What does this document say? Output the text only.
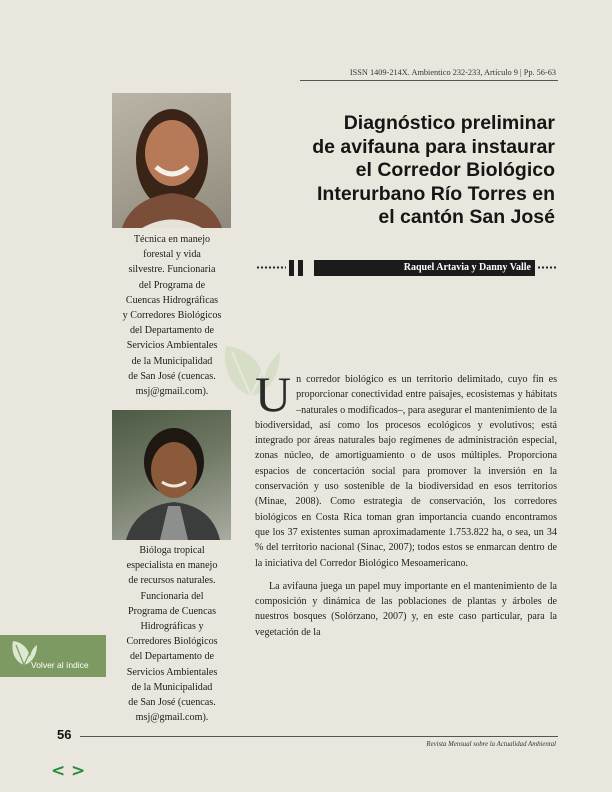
ISSN 1409-214X. Ambientico 232-233, Artículo 9 | Pp. 56-63
Técnica en manejo
forestal y vida
silvestre. Funcionaria
del Programa de
Cuencas Hidrográficas
y Corredores Biológicos
del Departamento de
Servicios Ambientales
de la Municipalidad
de San José (cuencas.
msj@gmail.com).
Bióloga tropical
especialista en manejo
de recursos naturales.
Funcionaria del
Programa de Cuencas
Hidrográficas y
Corredores Biológicos
del Departamento de
Servicios Ambientales
de la Municipalidad
de San José (cuencas.
msj@gmail.com).
Diagnóstico preliminar
de avifauna para instaurar
el Corredor Biológico
Interurbano Río Torres en
el cantón San José
Raquel Artavia y Danny Valle

Un corredor biológico es un territorio delimitado, cuyo fin es proporcionar conectividad entre paisajes, ecosistemas y hábitats –naturales o modificados–, para asegurar el mantenimiento de la biodiversidad, así como los procesos ecológicos y evolutivos; está integrado por áreas naturales bajo regímenes de administración especial, zonas núcleo, de amortiguamiento o de usos múltiples. Proporciona espacios de concertación social para promover la inversión en la conservación y uso sostenible de la biodiversidad en esos territorios (Minae, 2008). Como estrategia de conservación, los corredores biológicos en Costa Rica toman gran importancia cuando encontramos que los 37 existentes suman aproximadamente 1.753.822 ha, o sea, un 34 % del territorio nacional (Sinac, 2007); todos estos se enmarcan dentro de la iniciativa del Corredor Biológico Mesoamericano.

La avifauna juega un papel muy importante en el mantenimiento de la composición y dinámica de las poblaciones de plantas y árboles de nuestros bosques (Solórzano, 2007) y, en este caso particular, para la vegetación de la

Volver al índice
56
Revista Mensual sobre la Actualidad Ambiental
< >
